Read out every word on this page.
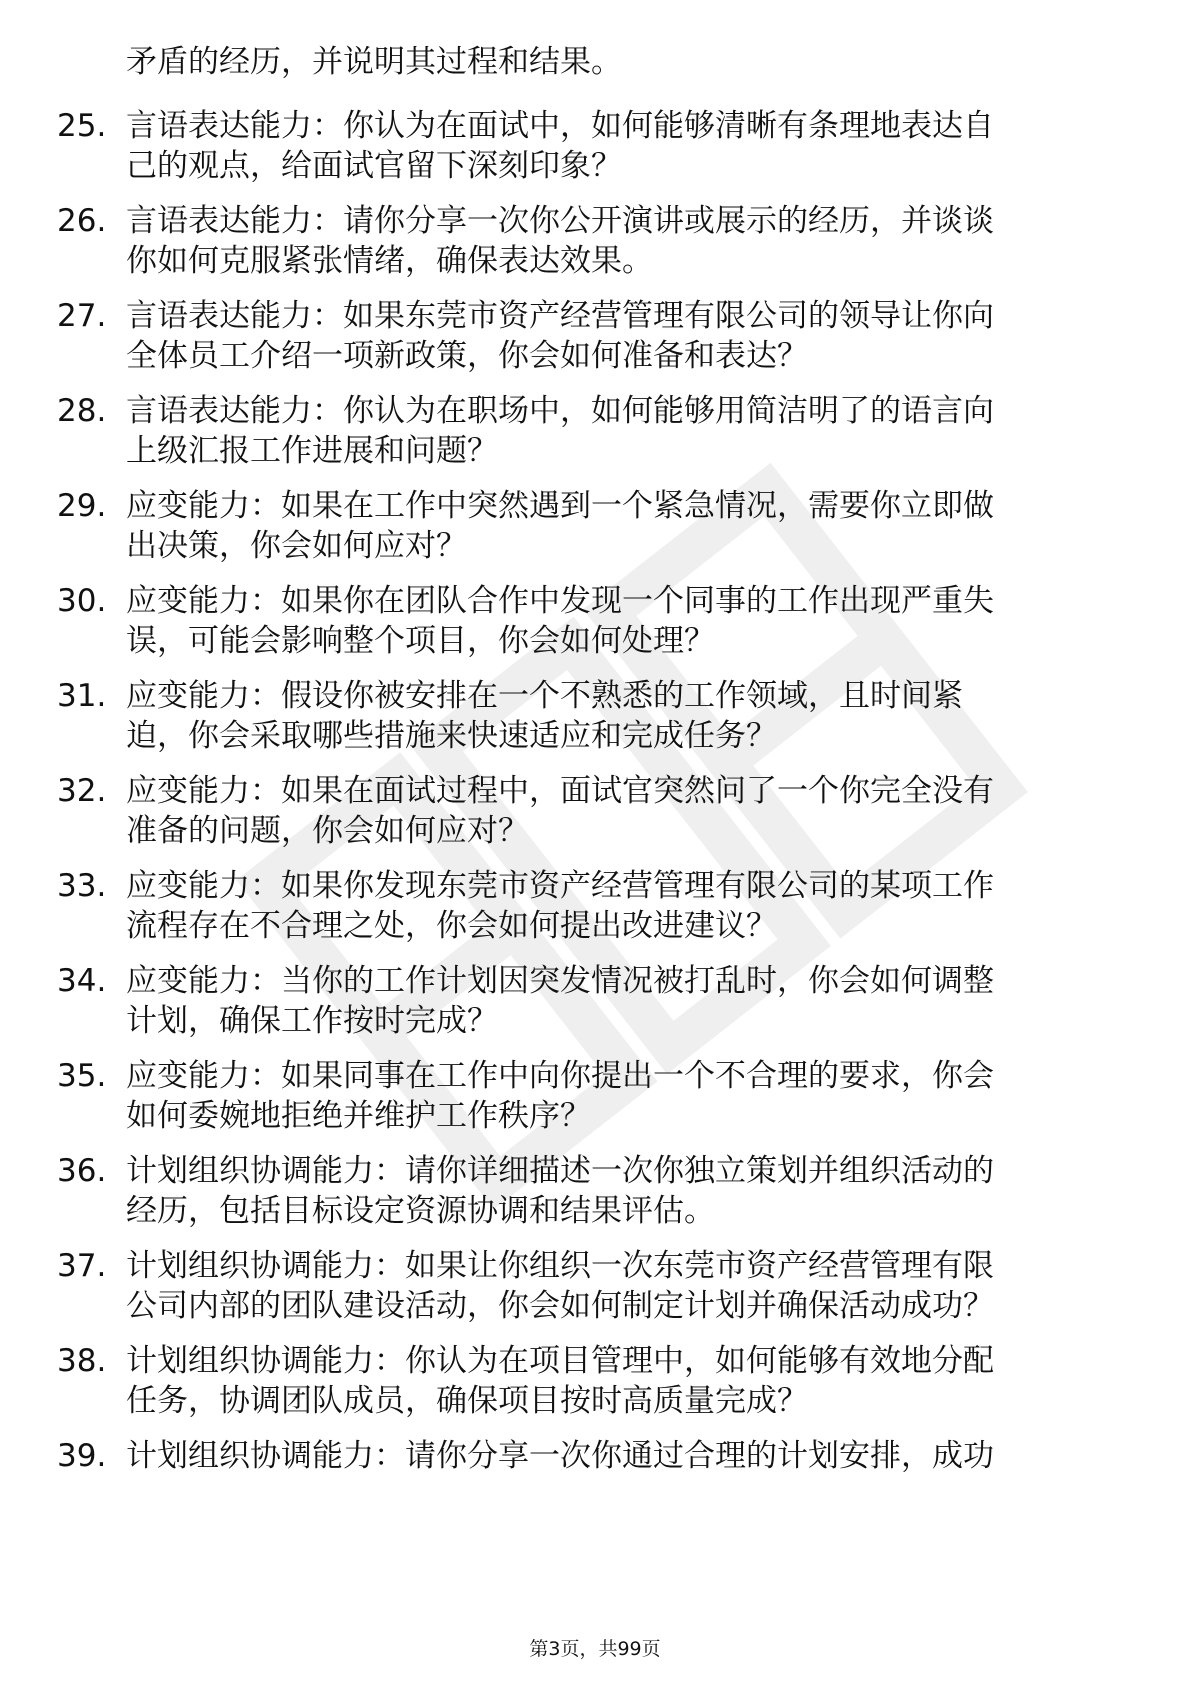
矛盾的经历，并说明其过程和结果。
25. 言语表达能力：你认为在面试中，如何能够清晰有条理地表达自
己的观点，给面试官留下深刻印象？
26. 言语表达能力：请你分享一次你公开演讲或展示的经历，并谈谈
你如何克服紧张情绪，确保表达效果。
27. 言语表达能力：如果东莞市资产经营管理有限公司的领导让你向
全体员工介绍一项新政策，你会如何准备和表达？
28. 言语表达能力：你认为在职场中，如何能够用简洁明了的语言向
上级汇报工作进展和问题？
29. 应变能力：如果在工作中突然遇到一个紧急情况，需要你立即做
出决策，你会如何应对？
30. 应变能力：如果你在团队合作中发现一个同事的工作出现严重失
误，可能会影响整个项目，你会如何处理？
31. 应变能力：假设你被安排在一个不熟悉的工作领域，且时间紧
迫，你会采取哪些措施来快速适应和完成任务？
32. 应变能力：如果在面试过程中，面试官突然问了一个你完全没有
准备的问题，你会如何应对？
33. 应变能力：如果你发现东莞市资产经营管理有限公司的某项工作
流程存在不合理之处，你会如何提出改进建议？
34. 应变能力：当你的工作计划因突发情况被打乱时，你会如何调整
计划，确保工作按时完成？
35. 应变能力：如果同事在工作中向你提出一个不合理的要求，你会
如何委婉地拒绝并维护工作秩序？
36. 计划组织协调能力：请你详细描述一次你独立策划并组织活动的
经历，包括目标设定资源协调和结果评估。
37. 计划组织协调能力：如果让你组织一次东莞市资产经营管理有限
公司内部的团队建设活动，你会如何制定计划并确保活动成功？
38. 计划组织协调能力：你认为在项目管理中，如何能够有效地分配
任务，协调团队成员，确保项目按时高质量完成？
39. 计划组织协调能力：请你分享一次你通过合理的计划安排，成功
第3页，共99页
